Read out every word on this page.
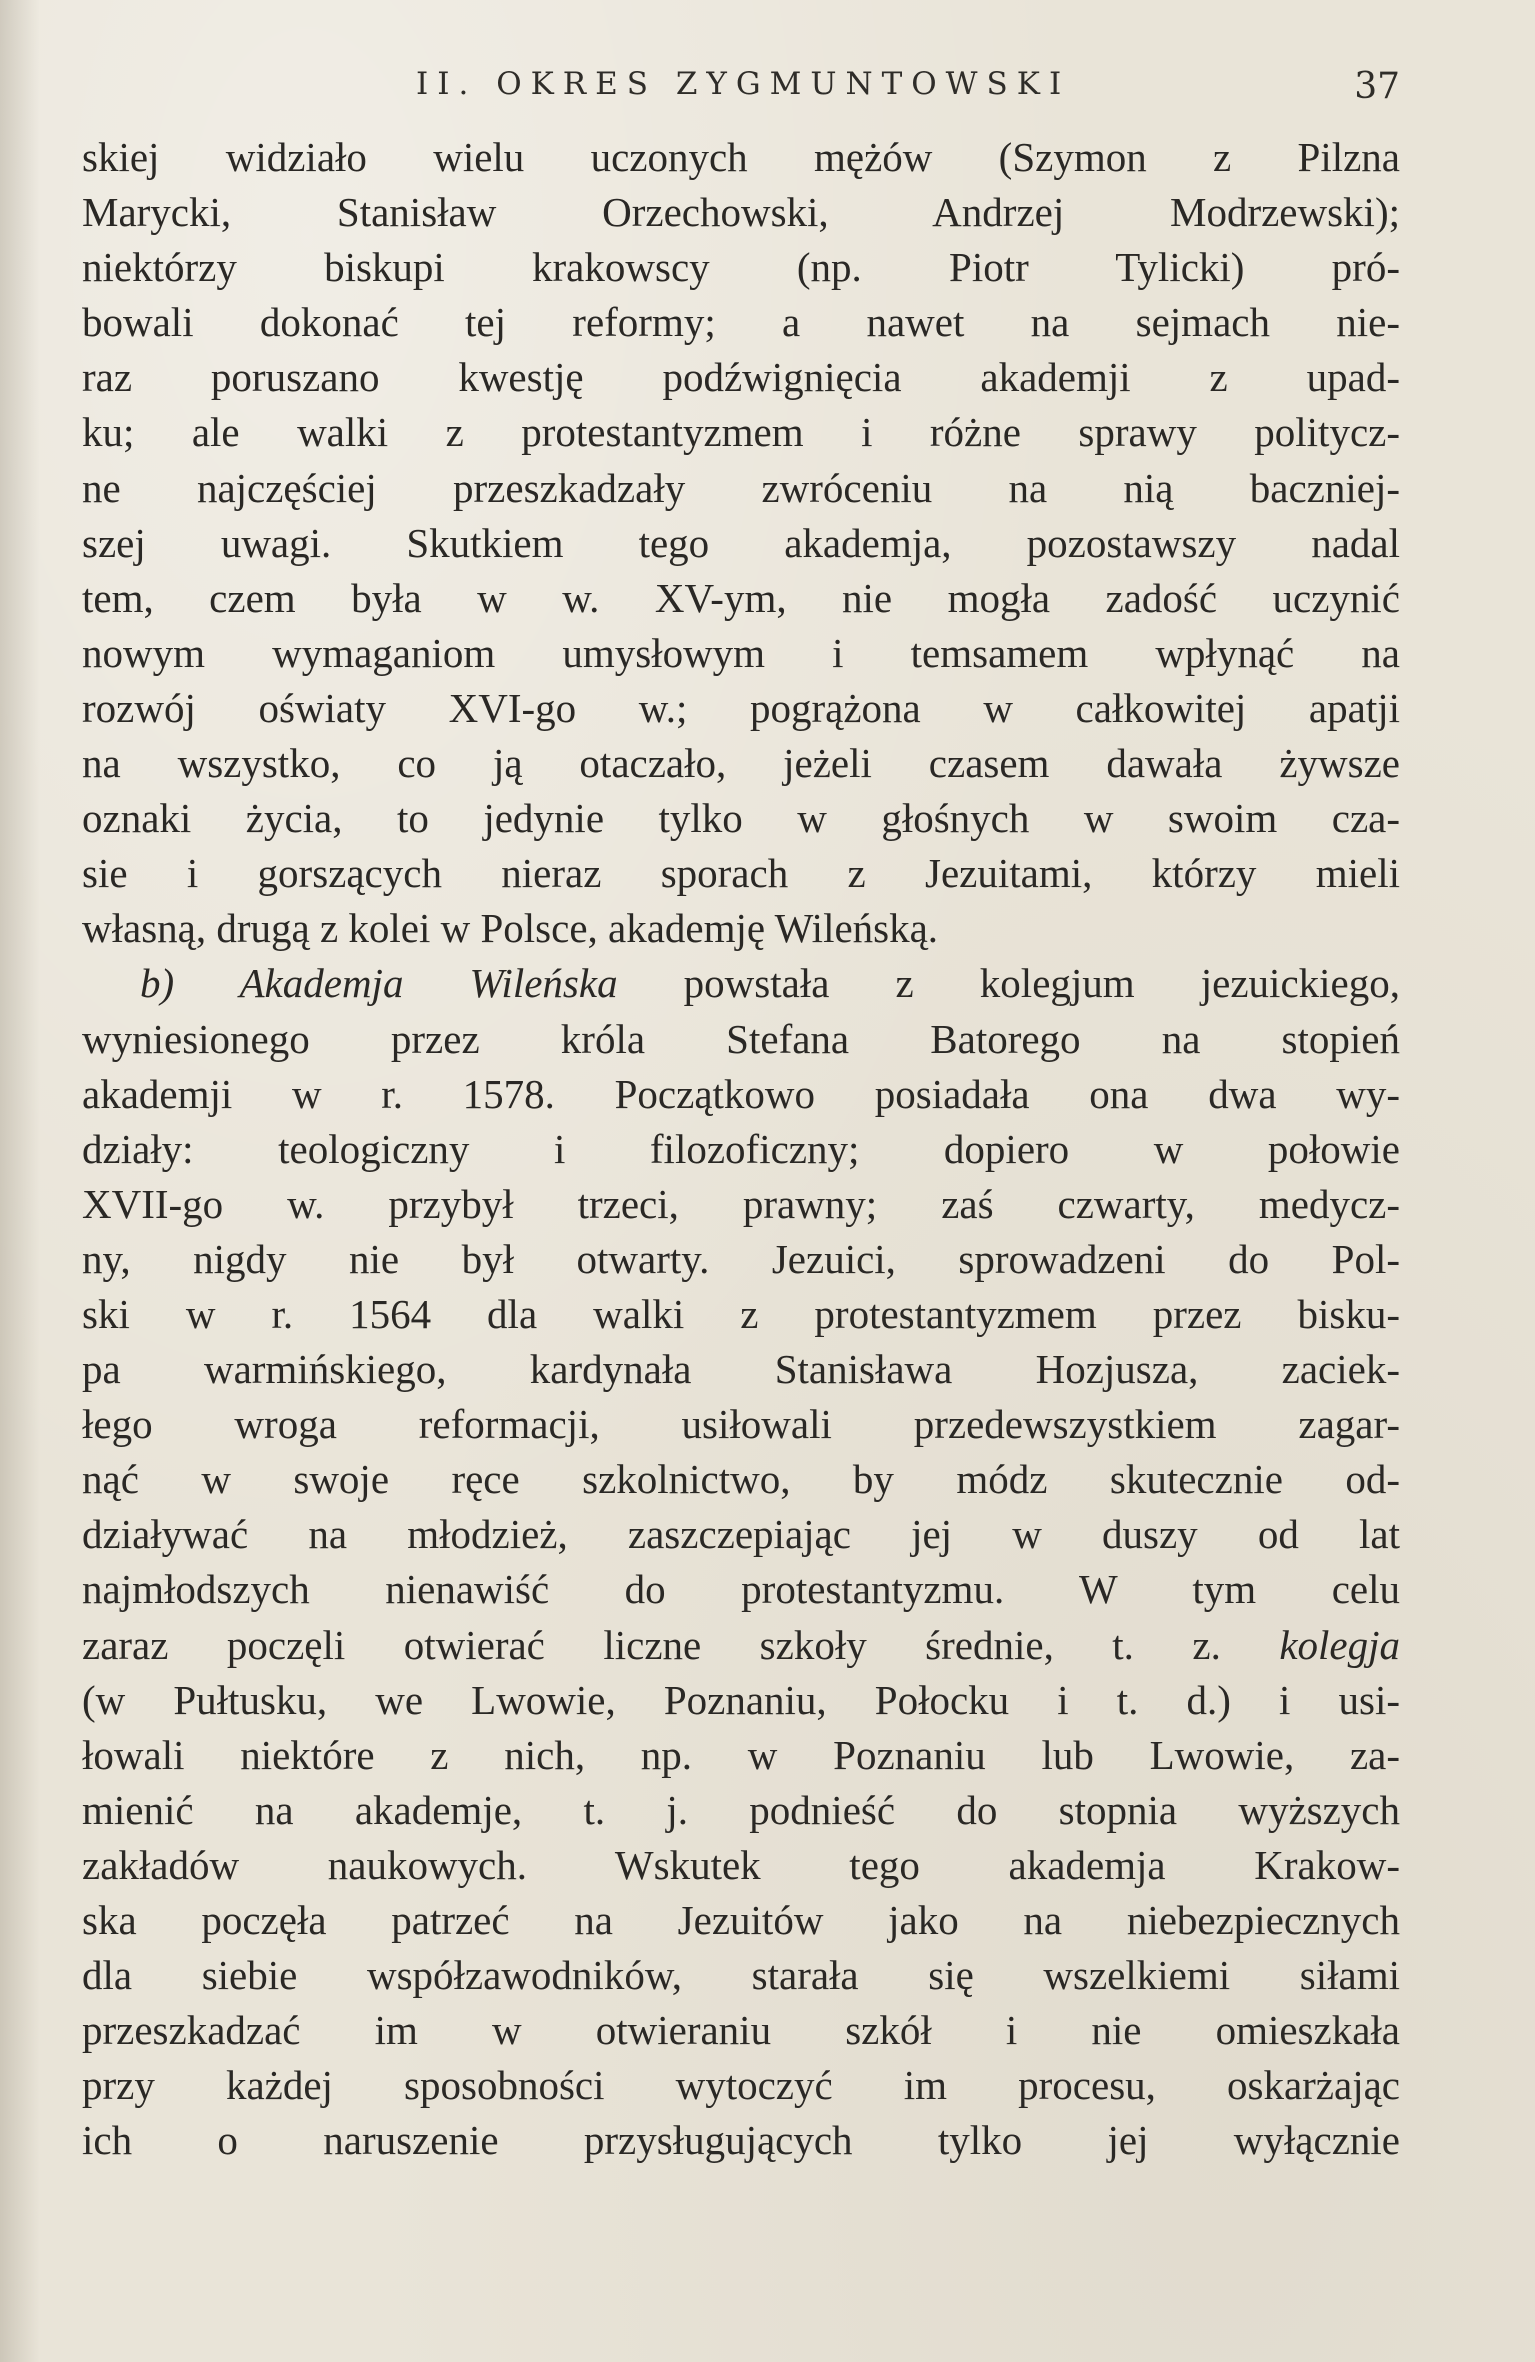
II. OKRES ZYGMUNTOWSKI	37
skiej widziało wielu uczonych mężów (Szymon z Pilzna
Marycki, Stanisław Orzechowski, Andrzej Modrzewski);
niektórzy biskupi krakowscy (np. Piotr Tylicki) pró-
bowali dokonać tej reformy; a nawet na sejmach nie-
raz poruszano kwestję podźwignięcia akademji z upad-
ku; ale walki z protestantyzmem i różne sprawy politycz-
ne najczęściej przeszkadzały zwróceniu na nią baczniej-
szej uwagi. Skutkiem tego akademja, pozostawszy nadal
tem, czem była w w. XV-ym, nie mogła zadość uczynić
nowym wymaganiom umysłowym i temsamem wpłynąć na
rozwój oświaty XVI-go w.; pogrążona w całkowitej apatji
na wszystko, co ją otaczało, jeżeli czasem dawała żywsze
oznaki życia, to jedynie tylko w głośnych w swoim cza-
sie i gorszących nieraz sporach z Jezuitami, którzy mieli
własną, drugą z kolei w Polsce, akademję Wileńską.
b) Akademja Wileńska powstała z kolegjum jezuickiego,
wyniesionego przez króla Stefana Batorego na stopień
akademji w r. 1578. Początkowo posiadała ona dwa wy-
działy: teologiczny i filozoficzny; dopiero w połowie
XVII-go w. przybył trzeci, prawny; zaś czwarty, medycz-
ny, nigdy nie był otwarty. Jezuici, sprowadzeni do Pol-
ski w r. 1564 dla walki z protestantyzmem przez bisku-
pa warmińskiego, kardynała Stanisława Hozjusza, zaciek-
łego wroga reformacji, usiłowali przedewszystkiem zagar-
nąć w swoje ręce szkolnictwo, by módz skutecznie od-
działywać na młodzież, zaszczepiając jej w duszy od lat
najmłodszych nienawiść do protestantyzmu. W tym celu
zaraz poczęli otwierać liczne szkoły średnie, t. z. kolegja
(w Pułtusku, we Lwowie, Poznaniu, Połocku i t. d.) i usi-
łowali niektóre z nich, np. w Poznaniu lub Lwowie, za-
mienić na akademje, t. j. podnieść do stopnia wyższych
zakładów naukowych. Wskutek tego akademja Krakow-
ska poczęła patrzeć na Jezuitów jako na niebezpiecznych
dla siebie współzawodników, starała się wszelkiemi siłami
przeszkadzać im w otwieraniu szkół i nie omieszkała
przy każdej sposobności wytoczyć im procesu, oskarżając
ich o naruszenie przysługujących tylko jej wyłącznie
